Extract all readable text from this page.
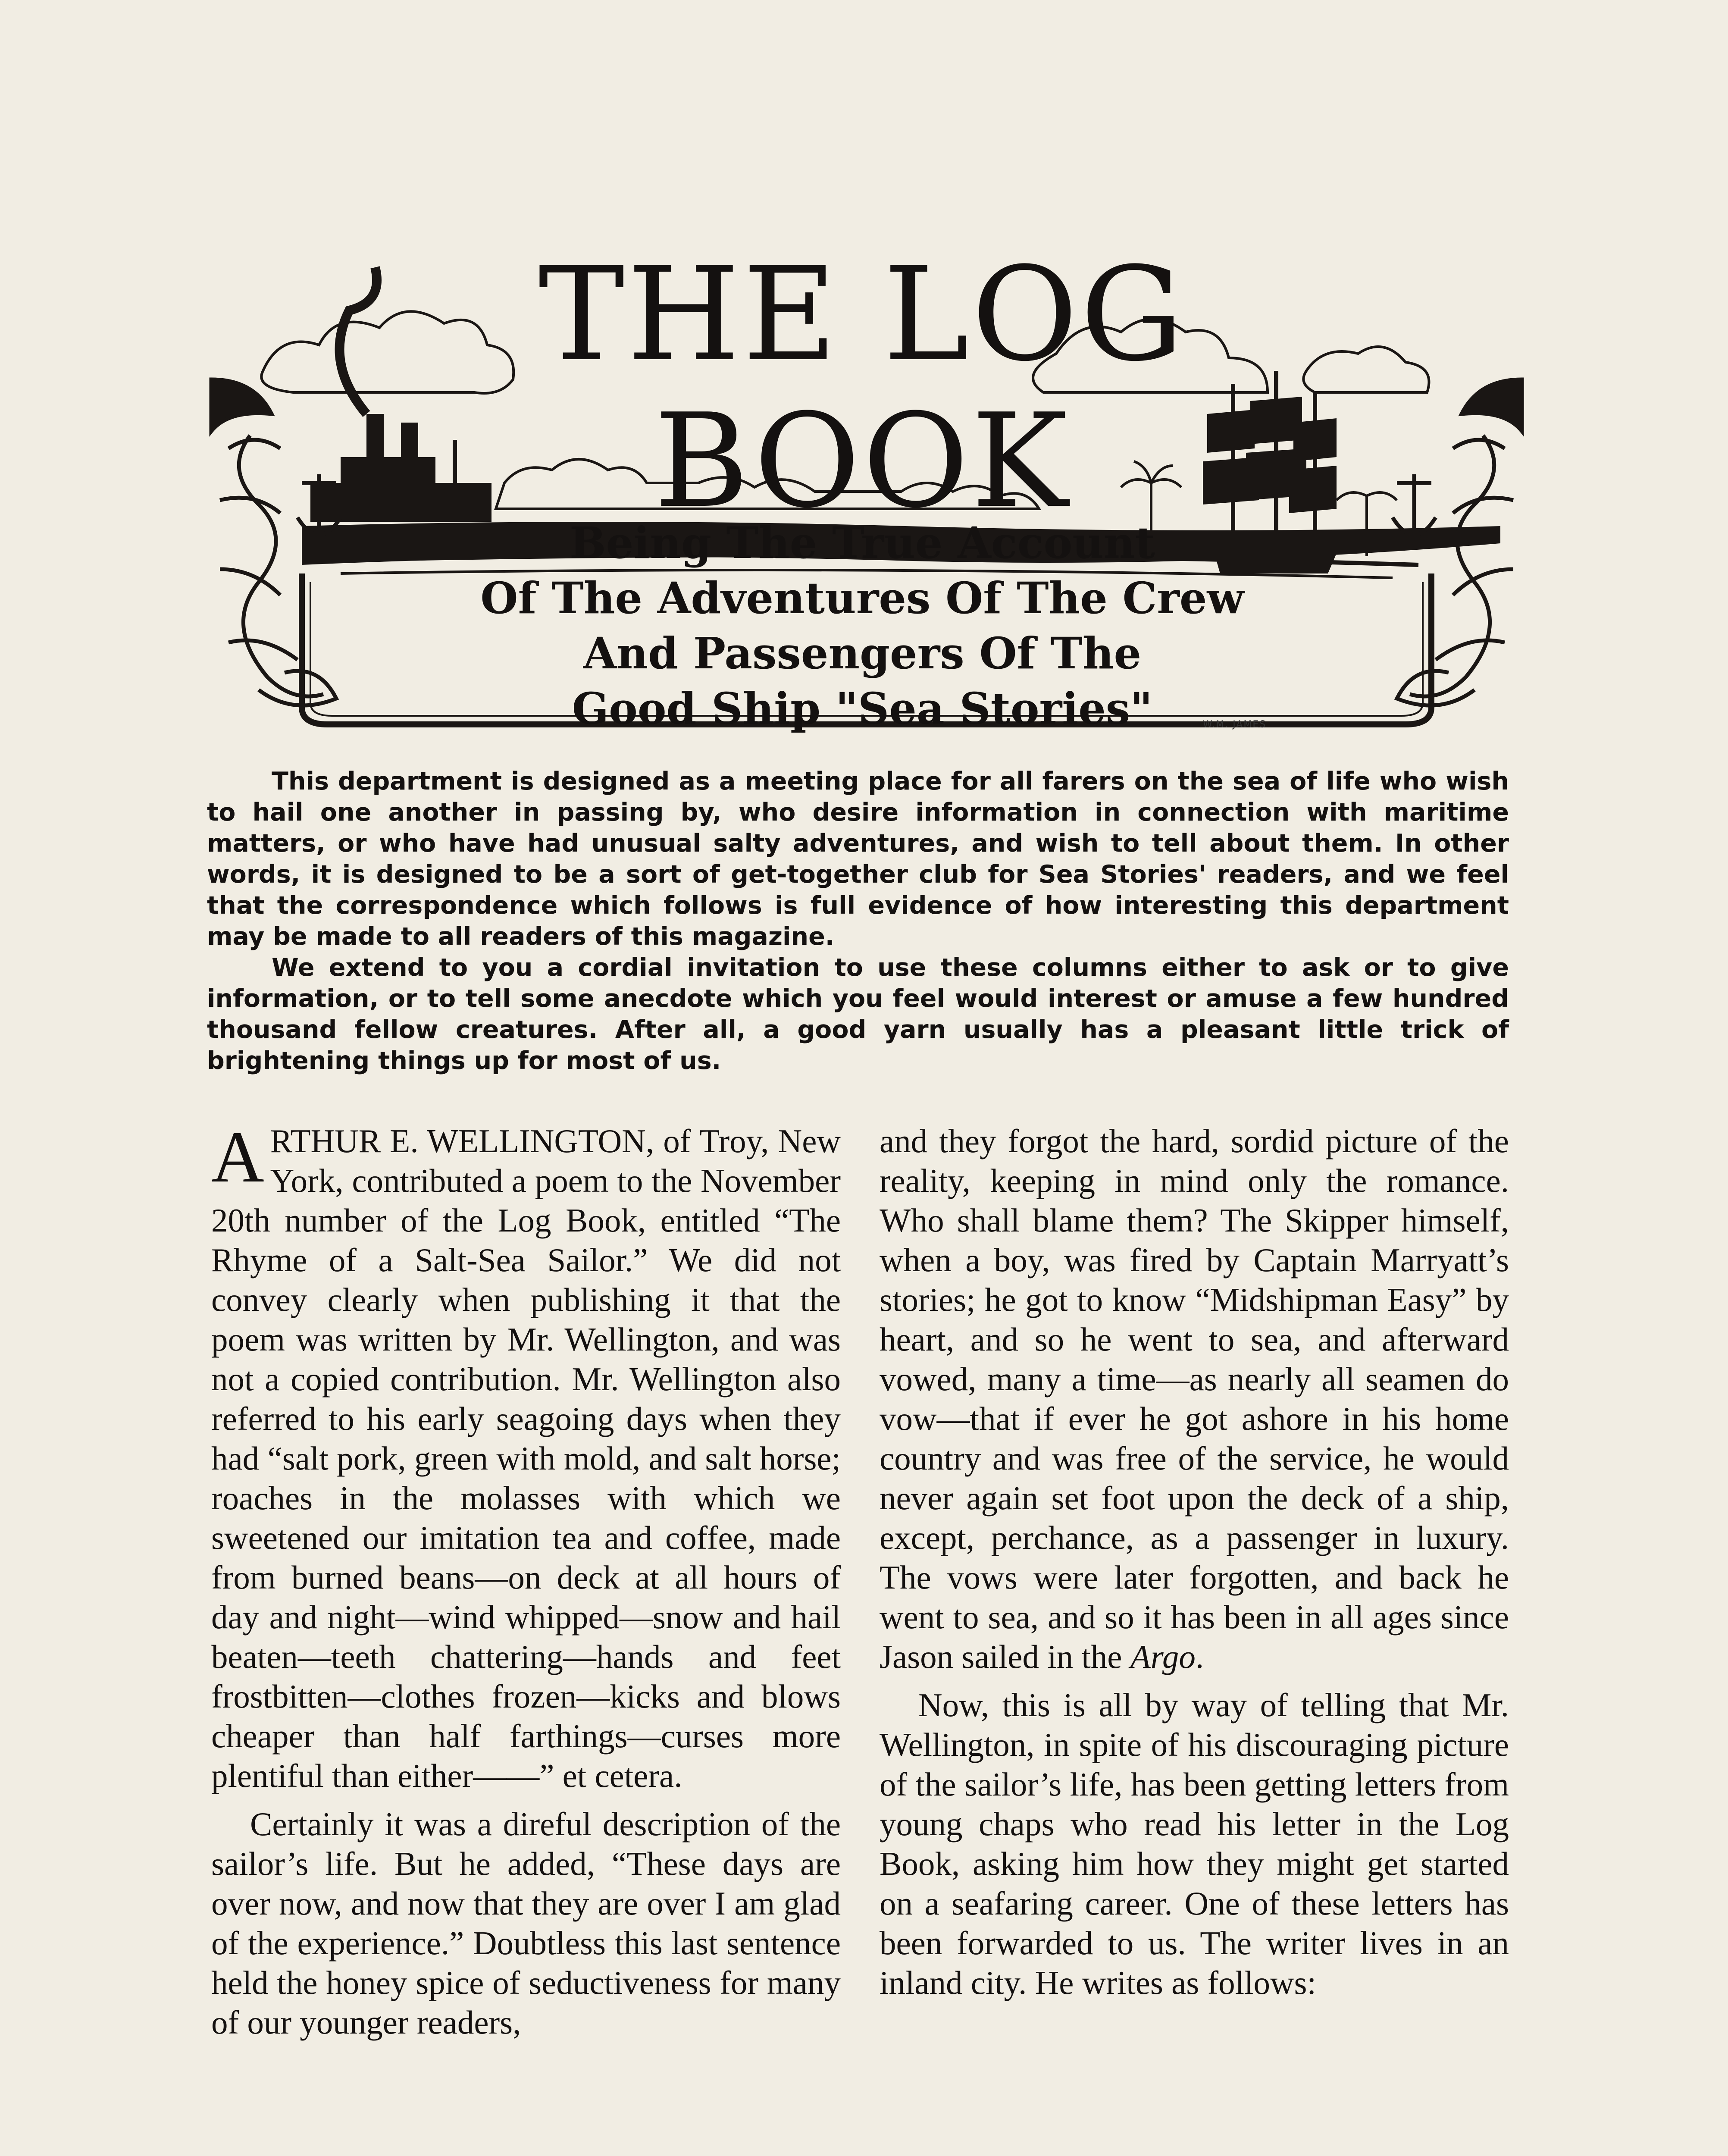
THE LOG BOOK
Being The True Account
Of The Adventures Of The Crew
And Passengers Of The
Good Ship "Sea Stories"	W.M. JAMES

This department is designed as a meeting place for all farers on the sea of life who wish to hail one another in passing by, who desire information in connection with maritime matters, or who have had unusual salty adventures, and wish to tell about them. In other words, it is designed to be a sort of get-together club for Sea Stories' readers, and we feel that the correspondence which follows is full evidence of how interesting this department may be made to all readers of this magazine.

We extend to you a cordial invitation to use these columns either to ask or to give information, or to tell some anecdote which you feel would interest or amuse a few hundred thousand fellow creatures. After all, a good yarn usually has a pleasant little trick of brightening things up for most of us.

ARTHUR E. WELLINGTON, of Troy, New York, contributed a poem to the November 20th number of the Log Book, entitled “The Rhyme of a Salt-Sea Sailor.” We did not convey clearly when publishing it that the poem was written by Mr. Wellington, and was not a copied contribution. Mr. Wellington also referred to his early seagoing days when they had “salt pork, green with mold, and salt horse; roaches in the molasses with which we sweetened our imitation tea and coffee, made from burned beans—on deck at all hours of day and night—wind whipped—snow and hail beaten—teeth chattering—hands and feet frostbitten—clothes frozen—kicks and blows cheaper than half farthings—curses more plentiful than either——” et cetera.

Certainly it was a direful description of the sailor’s life. But he added, “These days are over now, and now that they are over I am glad of the experience.” Doubtless this last sentence held the honey spice of seductiveness for many of our younger readers,

and they forgot the hard, sordid picture of the reality, keeping in mind only the romance. Who shall blame them? The Skipper himself, when a boy, was fired by Captain Marryatt’s stories; he got to know “Midshipman Easy” by heart, and so he went to sea, and afterward vowed, many a time—as nearly all seamen do vow—that if ever he got ashore in his home country and was free of the service, he would never again set foot upon the deck of a ship, except, perchance, as a passenger in luxury. The vows were later forgotten, and back he went to sea, and so it has been in all ages since Jason sailed in the Argo.

Now, this is all by way of telling that Mr. Wellington, in spite of his discouraging picture of the sailor’s life, has been getting letters from young chaps who read his letter in the Log Book, asking him how they might get started on a seafaring career. One of these letters has been forwarded to us. The writer lives in an inland city. He writes as follows:
